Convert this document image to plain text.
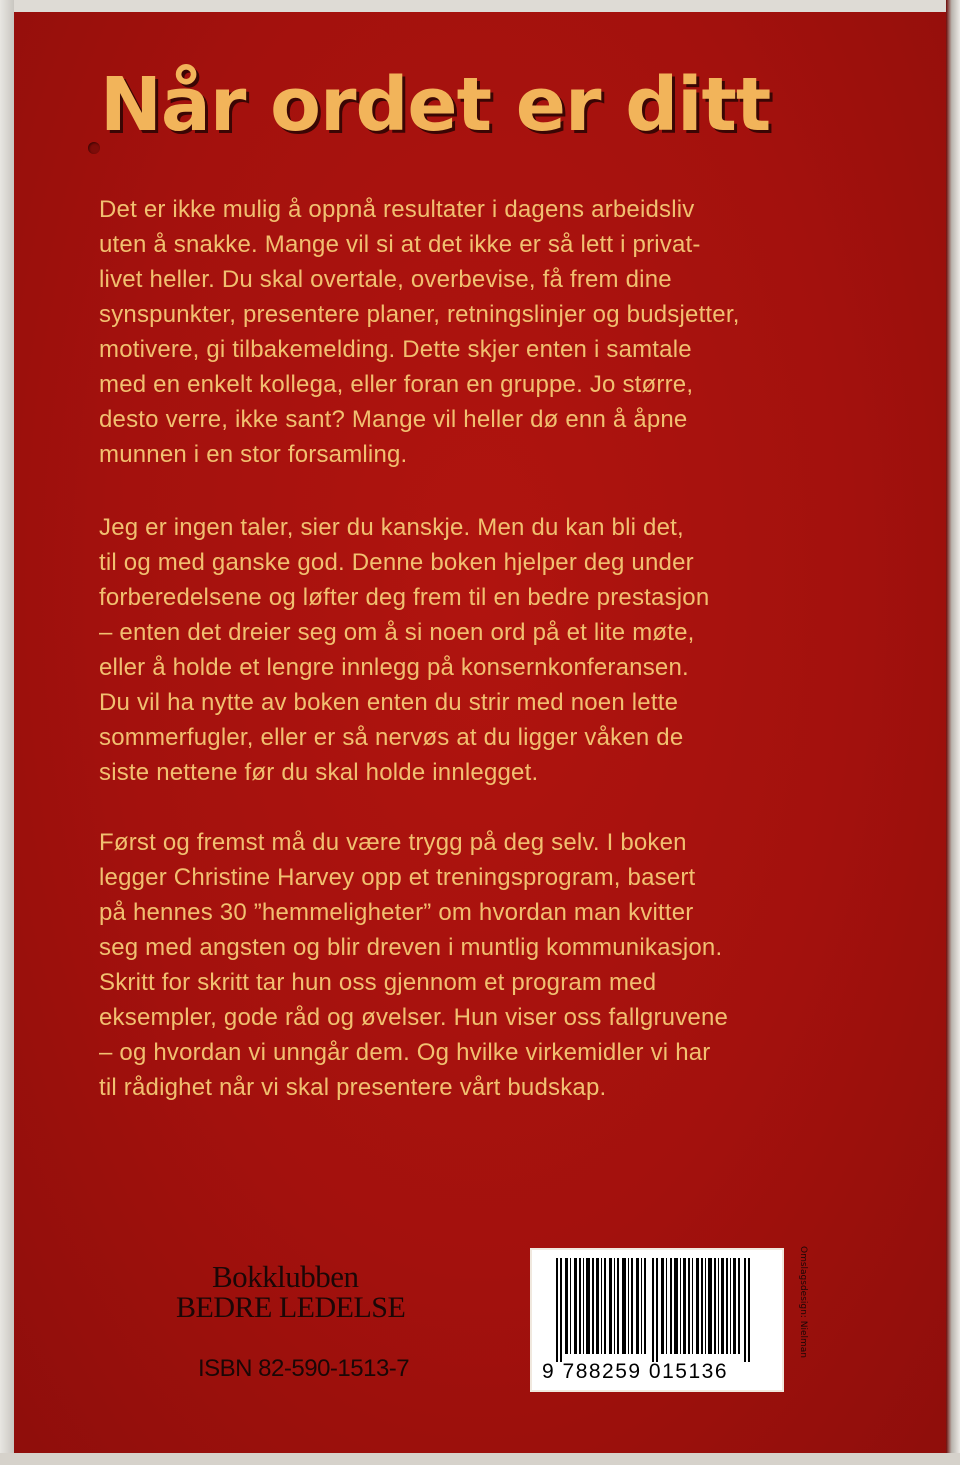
Når ordet er ditt

Det er ikke mulig å oppnå resultater i dagens arbeidsliv
uten å snakke. Mange vil si at det ikke er så lett i privat-
livet heller. Du skal overtale, overbevise, få frem dine
synspunkter, presentere planer, retningslinjer og budsjetter,
motivere, gi tilbakemelding. Dette skjer enten i samtale
med en enkelt kollega, eller foran en gruppe. Jo større,
desto verre, ikke sant? Mange vil heller dø enn å åpne
munnen i en stor forsamling.

Jeg er ingen taler, sier du kanskje. Men du kan bli det,
til og med ganske god. Denne boken hjelper deg under
forberedelsene og løfter deg frem til en bedre prestasjon
– enten det dreier seg om å si noen ord på et lite møte,
eller å holde et lengre innlegg på konsernkonferansen.
Du vil ha nytte av boken enten du strir med noen lette
sommerfugler, eller er så nervøs at du ligger våken de
siste nettene før du skal holde innlegget.

Først og fremst må du være trygg på deg selv. I boken
legger Christine Harvey opp et treningsprogram, basert
på hennes 30 ”hemmeligheter” om hvordan man kvitter
seg med angsten og blir dreven i muntlig kommunikasjon.
Skritt for skritt tar hun oss gjennom et program med
eksempler, gode råd og øvelser. Hun viser oss fallgruvene
– og hvordan vi unngår dem. Og hvilke virkemidler vi har
til rådighet når vi skal presentere vårt budskap.

Bokklubben
BEDRE LEDELSE
ISBN 82-590-1513-7	9 788259 015136
Omslagsdesign: Nielman
